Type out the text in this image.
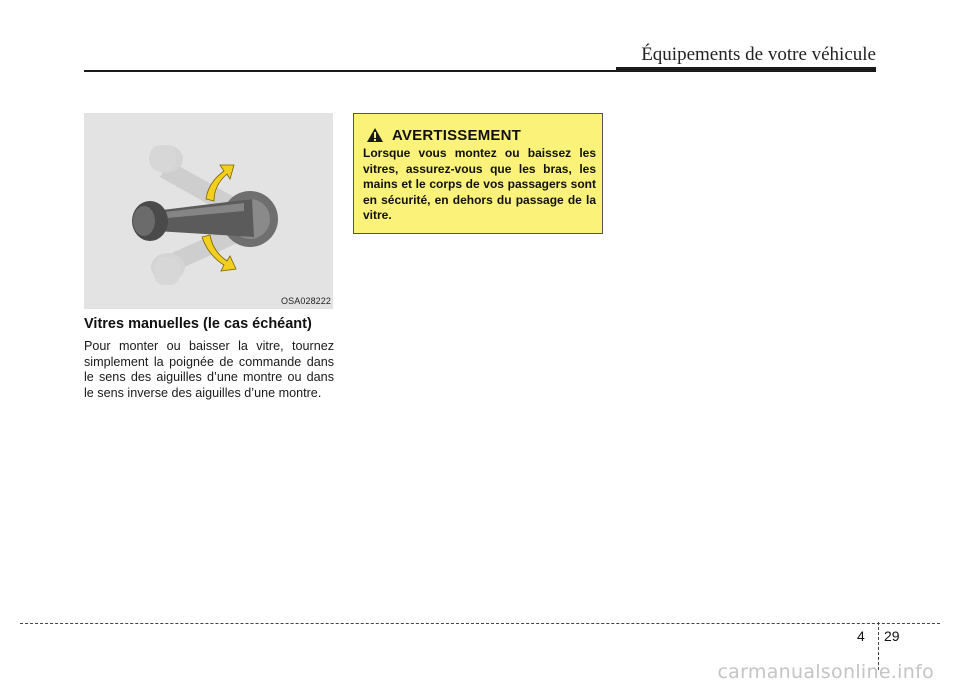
Équipements de votre véhicule
OSA028222
Vitres manuelles (le cas échéant)
Pour monter ou baisser la vitre, tournez simplement la poignée de commande dans le sens des aiguilles d’une montre ou dans le sens inverse des aiguilles d’une montre.
AVERTISSEMENT
Lorsque vous montez ou baissez les vitres, assurez-vous que les bras, les mains et le corps de vos passagers sont en sécurité, en dehors du passage de la vitre.
4 29
carmanualsonline.info
